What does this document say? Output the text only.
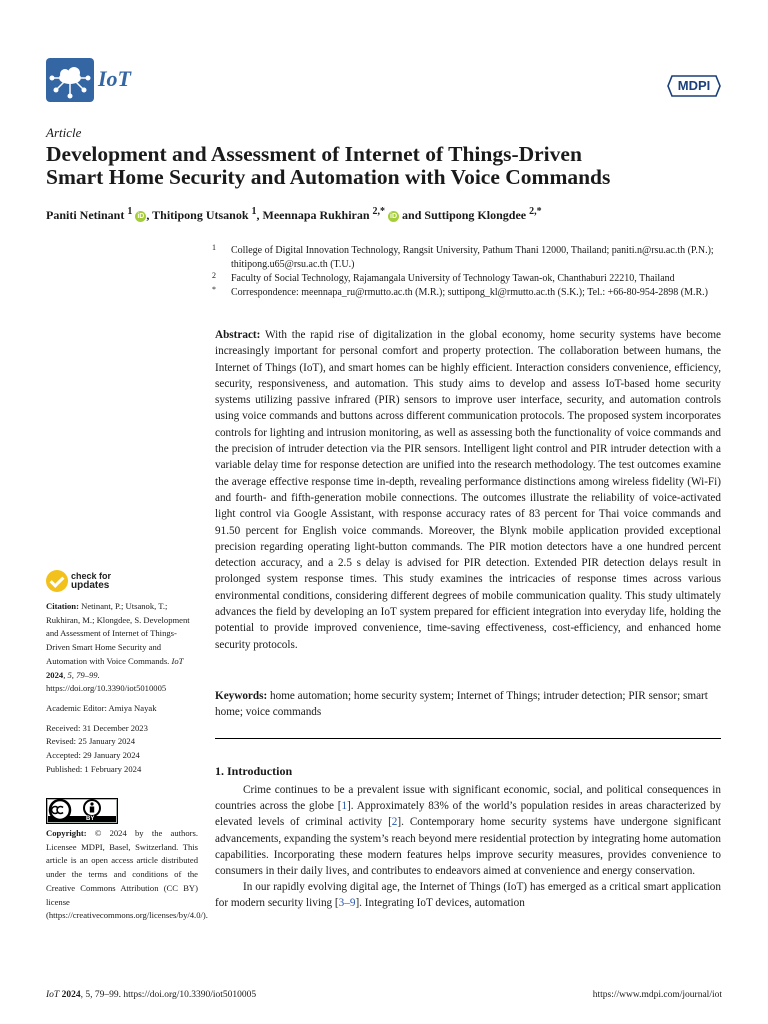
IoT	MDPI
Article
Development and Assessment of Internet of Things-Driven
Smart Home Security and Automation with Voice Commands
Paniti Netinant $^1$ iD , Thitipong Utsanok $^1$, Meennapa Rukhiran $^{2,*}$ iD and Suttipong Klongdee $^{2,*}$
1 College of Digital Innovation Technology, Rangsit University, Pathum Thani 12000, Thailand; paniti.n@rsu.ac.th (P.N.); thitipong.u65@rsu.ac.th (T.U.)
2 Faculty of Social Technology, Rajamangala University of Technology Tawan-ok, Chanthaburi 22210, Thailand
* Correspondence: meennapa_ru@rmutto.ac.th (M.R.); suttipong_kl@rmutto.ac.th (S.K.); Tel.: +66-80-954-2898 (M.R.)
Abstract: With the rapid rise of digitalization in the global economy, home security systems have become increasingly important for personal comfort and property protection. The collaboration between humans, the Internet of Things (IoT), and smart homes can be highly efficient. Interaction considers convenience, efficiency, security, responsiveness, and automation. This study aims to develop and assess IoT-based home security systems utilizing passive infrared (PIR) sensors to improve user interface, security, and automation controls using voice commands and buttons across different communication protocols. The proposed system incorporates controls for lighting and intrusion monitoring, as well as assessing both the functionality of voice commands and the precision of intruder detection via the PIR sensors. Intelligent light control and PIR intruder detection with a variable delay time for response detection are unified into the research methodology. The test outcomes examine the average effective response time in-depth, revealing performance distinctions among wireless fidelity (Wi-Fi) and fourth- and fifth-generation mobile connections. The outcomes illustrate the reliability of voice-activated light control via Google Assistant, with response accuracy rates of 83 percent for Thai voice commands and 91.50 percent for English voice commands. Moreover, the Blynk mobile application provided exceptional precision regarding operating light-button commands. The PIR motion detectors have a one hundred percent detection accuracy, and a 2.5 s delay is advised for PIR detection. Extended PIR detection delays result in prolonged system response times. This study examines the intricacies of response times across various environmental conditions, considering different degrees of mobile communication quality. This study ultimately advances the field by developing an IoT system prepared for efficient integration into everyday life, holding the potential to provide improved convenience, time-saving effectiveness, cost-efficiency, and enhanced home security protocols.
Keywords: home automation; home security system; Internet of Things; intruder detection; PIR sensor; smart home; voice commands
1. Introduction

Crime continues to be a prevalent issue with significant economic, social, and political consequences in countries across the globe [1]. Approximately 83% of the world’s population resides in areas characterized by elevated levels of criminal activity [2]. Contemporary home security systems have undergone significant advancements, expanding the system’s reach beyond mere residential protection by integrating home automation capabilities. Incorporating these modern features helps improve security measures, provides convenience to consumers in their daily lives, and contributes to endeavors aimed at convenience and energy conservation.

In our rapidly evolving digital age, the Internet of Things (IoT) has emerged as a critical smart application for modern security living [3–9]. Integrating IoT devices, automation

check for
updates
Citation: Netinant, P.; Utsanok, T.; Rukhiran, M.; Klongdee, S. Development and Assessment of Internet of Things-Driven Smart Home Security and Automation with Voice Commands. IoT 2024, 5, 79–99. https://doi.org/10.3390/iot5010005
Academic Editor: Amiya Nayak
Received: 31 December 2023
Revised: 25 January 2024
Accepted: 29 January 2024
Published: 1 February 2024
BY
Copyright: © 2024 by the authors. Licensee MDPI, Basel, Switzerland. This article is an open access article distributed under the terms and conditions of the Creative Commons Attribution (CC BY) license (https://creativecommons.org/licenses/by/4.0/).
IoT 2024, 5, 79–99. https://doi.org/10.3390/iot5010005	https://www.mdpi.com/journal/iot
